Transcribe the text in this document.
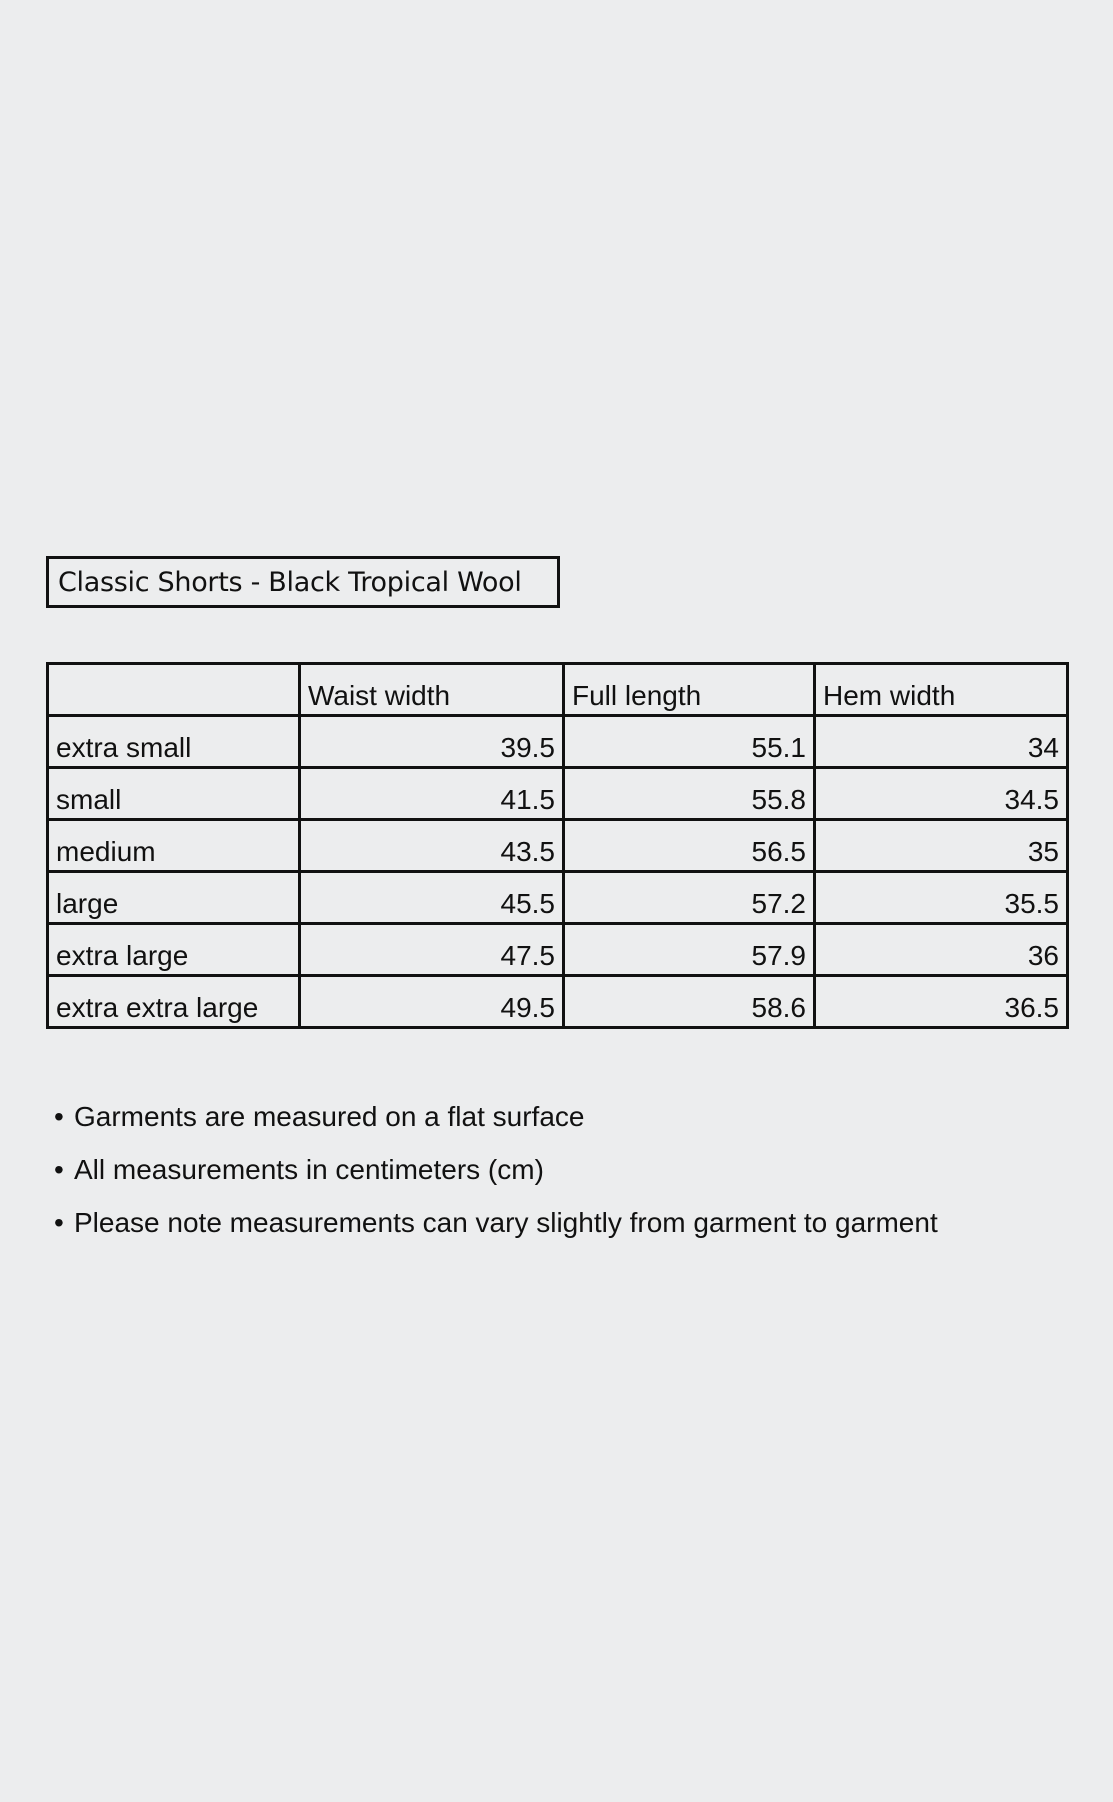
Classic Shorts - Black Tropical Wool
	Waist width	Full length	Hem width
extra small	39.5	55.1	34
small	41.5	55.8	34.5
medium	43.5	56.5	35
large	45.5	57.2	35.5
extra large	47.5	57.9	36
extra extra large	49.5	58.6	36.5
• Garments are measured on a flat surface
• All measurements in centimeters (cm)
• Please note measurements can vary slightly from garment to garment
